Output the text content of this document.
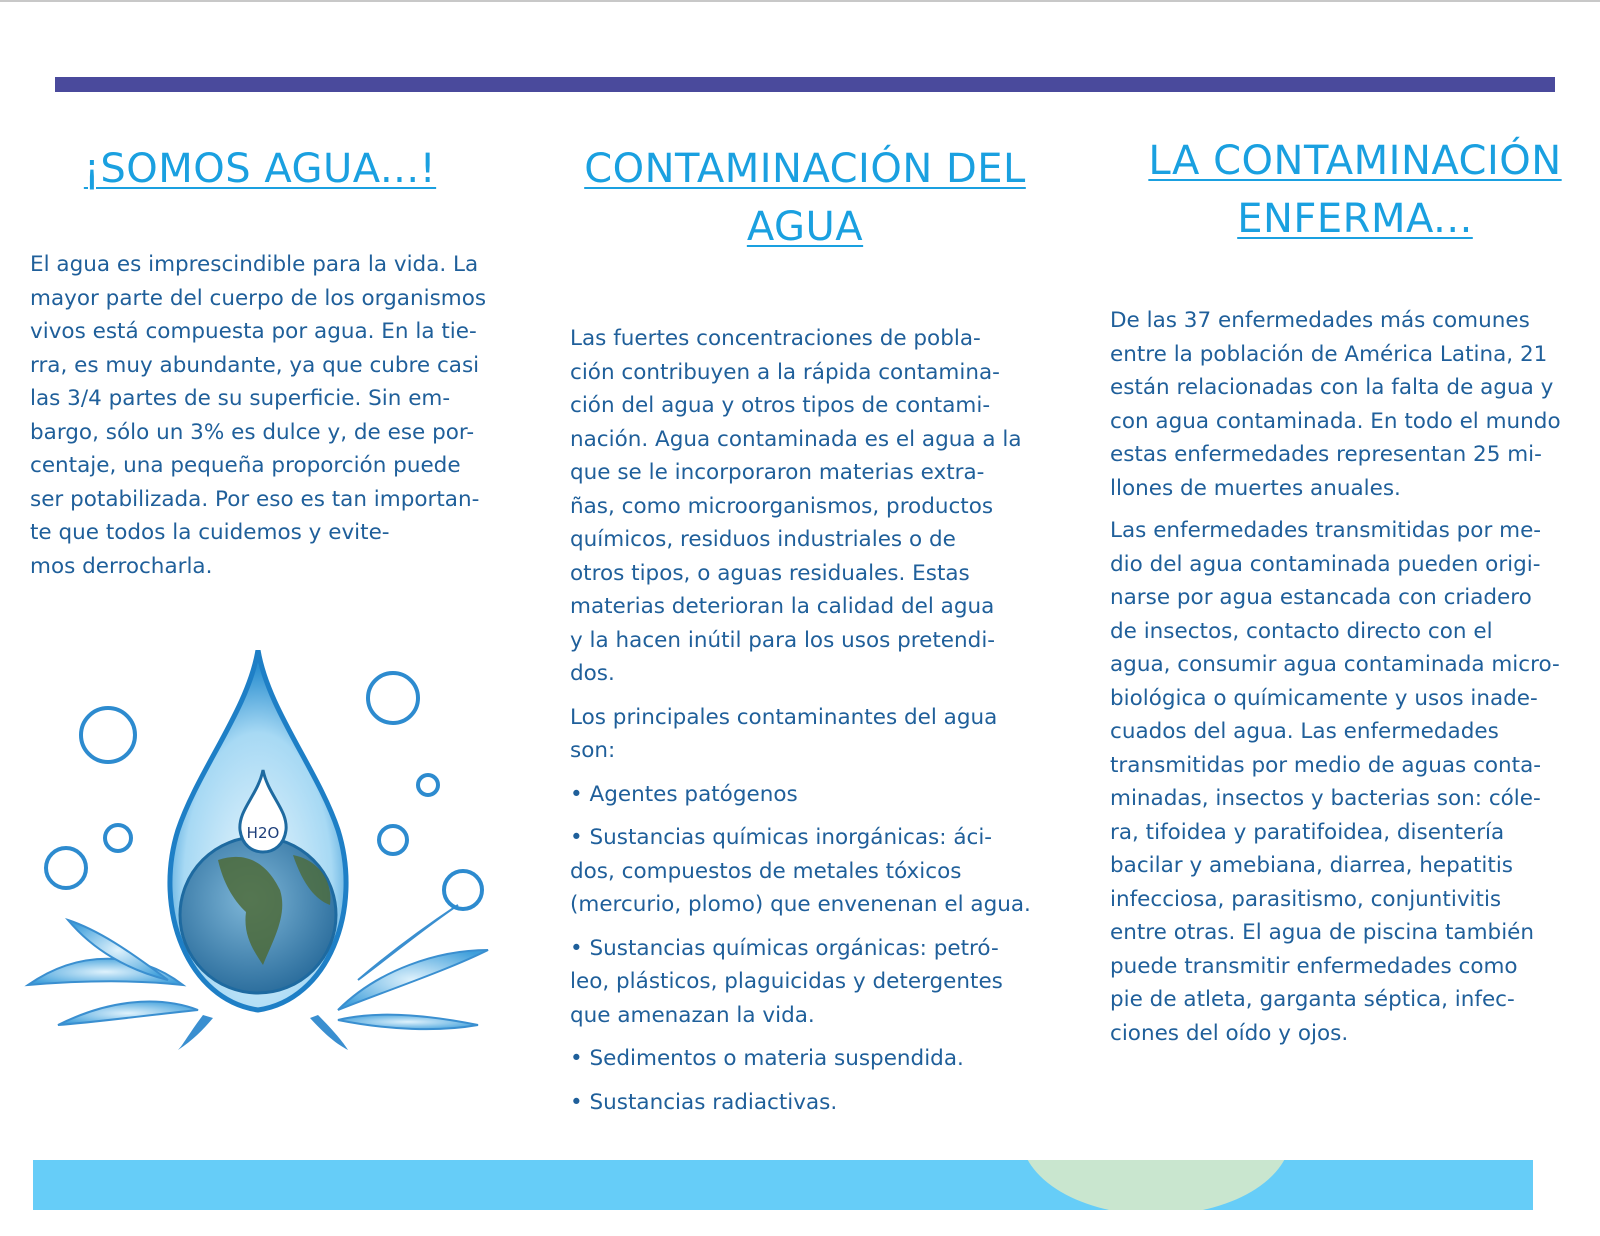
¡SOMOS AGUA...!

El agua es imprescindible para la vida. La
mayor parte del cuerpo de los organismos
vivos está compuesta por agua. En la tie-
rra, es muy abundante, ya que cubre casi
las 3/4 partes de su superficie. Sin em-
bargo, sólo un 3% es dulce y, de ese por-
centaje, una pequeña proporción puede
ser potabilizada. Por eso es tan importan-
te que todos la cuidemos y evite-
mos derrocharla.

H2O
CONTAMINACIÓN DEL AGUA

Las fuertes concentraciones de pobla-
ción contribuyen a la rápida contamina-
ción del agua y otros tipos de contami-
nación. Agua contaminada es el agua a la
que se le incorporaron materias extra-
ñas, como microorganismos, productos
químicos, residuos industriales o de
otros tipos, o aguas residuales. Estas
materias deterioran la calidad del agua
y la hacen inútil para los usos pretendi-
dos.

Los principales contaminantes del agua
son:

• Agentes patógenos

• Sustancias químicas inorgánicas: áci-
dos, compuestos de metales tóxicos
(mercurio, plomo) que envenenan el agua.

• Sustancias químicas orgánicas: petró-
leo, plásticos, plaguicidas y detergentes
que amenazan la vida.

• Sedimentos o materia suspendida.

• Sustancias radiactivas.

LA CONTAMINACIÓN ENFERMA...

De las 37 enfermedades más comunes
entre la población de América Latina, 21
están relacionadas con la falta de agua y
con agua contaminada. En todo el mundo
estas enfermedades representan 25 mi-
llones de muertes anuales.

Las enfermedades transmitidas por me-
dio del agua contaminada pueden origi-
narse por agua estancada con criadero
de insectos, contacto directo con el
agua, consumir agua contaminada micro-
biológica o químicamente y usos inade-
cuados del agua. Las enfermedades
transmitidas por medio de aguas conta-
minadas, insectos y bacterias son: cóle-
ra, tifoidea y paratifoidea, disentería
bacilar y amebiana, diarrea, hepatitis
infecciosa, parasitismo, conjuntivitis
entre otras. El agua de piscina también
puede transmitir enfermedades como
pie de atleta, garganta séptica, infec-
ciones del oído y ojos.
